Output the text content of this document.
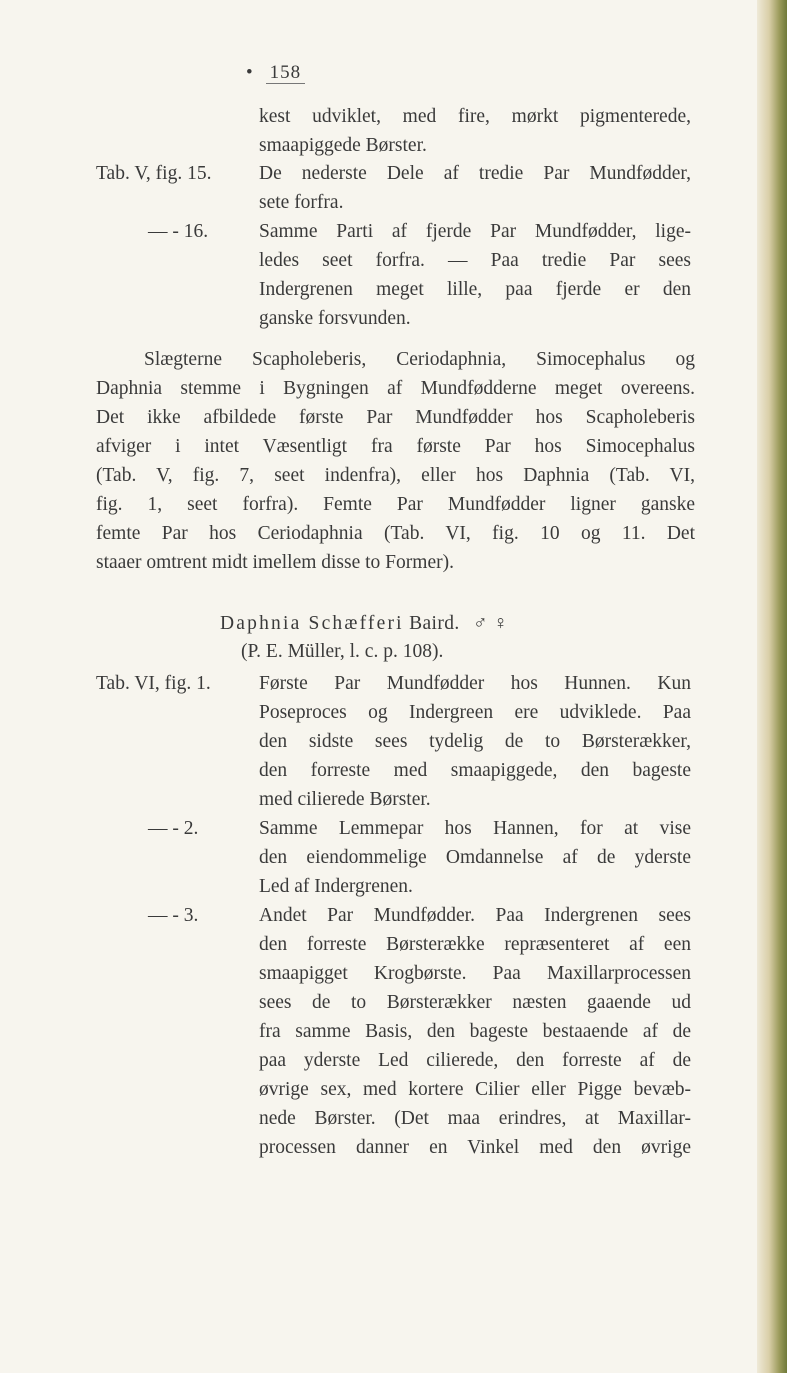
• 158
kest udviklet, med fire, mørkt pigmenterede,
smaapiggede Børster.
Tab. V, fig. 15. De nederste Dele af tredie Par Mundfødder,
sete forfra.
— - 16.	Samme Parti af fjerde Par Mundfødder, lige-
ledes seet forfra. — Paa tredie Par sees
Indergrenen meget lille, paa fjerde er den
ganske forsvunden.
Slægterne Scapholeberis, Ceriodaphnia, Simocephalus og
Daphnia stemme i Bygningen af Mundfødderne meget overeens.
Det ikke afbildede første Par Mundfødder hos Scapholeberis
afviger i intet Væsentligt fra første Par hos Simocephalus
(Tab. V, fig. 7, seet indenfra), eller hos Daphnia (Tab. VI,
fig. 1, seet forfra). Femte Par Mundfødder ligner ganske
femte Par hos Ceriodaphnia (Tab. VI, fig. 10 og 11. Det
staaer omtrent midt imellem disse to Former).
Daphnia Schæfferi Baird. ♂ ♀
(P. E. Müller, l. c. p. 108).
Tab. VI, fig. 1. Første Par Mundfødder hos Hunnen. Kun
Poseproces og Indergreen ere udviklede. Paa
den sidste sees tydelig de to Børsterækker,
den forreste med smaapiggede, den bageste
med cilierede Børster.
— - 2.	Samme Lemmepar hos Hannen, for at vise
den eiendommelige Omdannelse af de yderste
Led af Indergrenen.
— - 3.	Andet Par Mundfødder. Paa Indergrenen sees
den forreste Børsterække repræsenteret af een
smaapigget Krogbørste. Paa Maxillarprocessen
sees de to Børsterækker næsten gaaende ud
fra samme Basis, den bageste bestaaende af de
paa yderste Led cilierede, den forreste af de
øvrige sex, med kortere Cilier eller Pigge bevæb-
nede Børster. (Det maa erindres, at Maxillar-
processen danner en Vinkel med den øvrige
